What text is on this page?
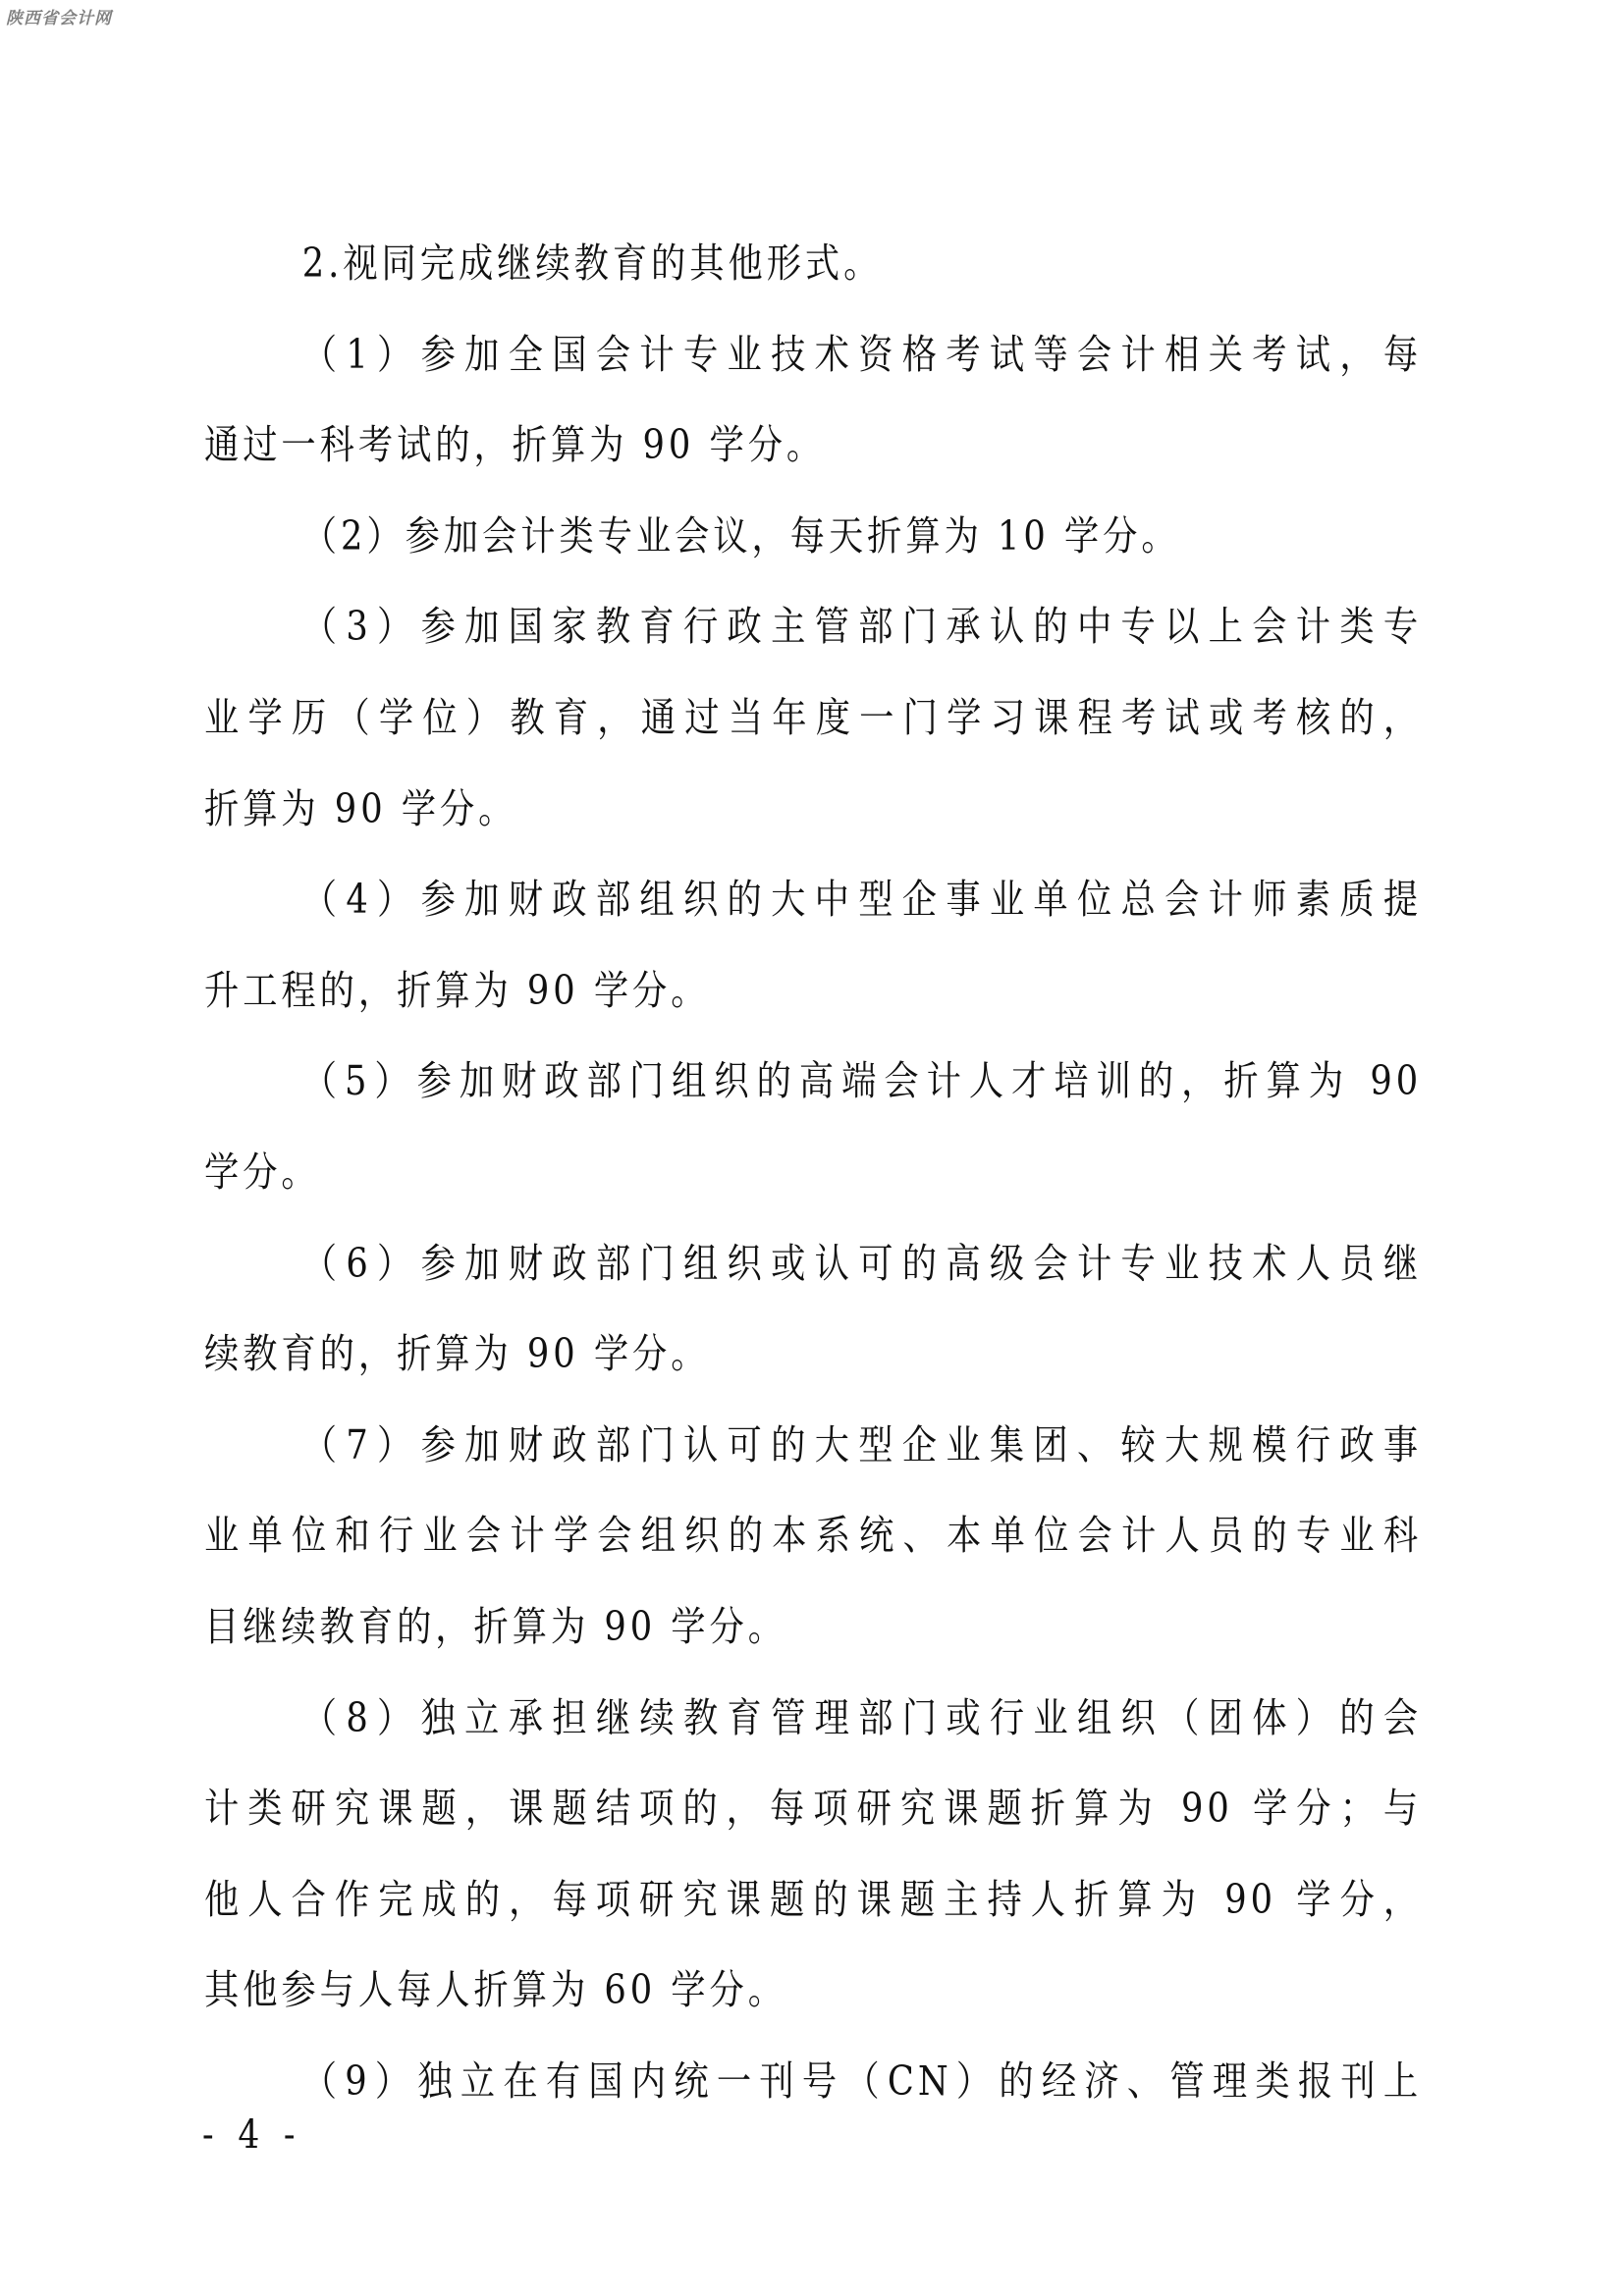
陕西省会计网
2.视同完成继续教育的其他形式。
（1）参加全国会计专业技术资格考试等会计相关考试，每
通过一科考试的，折算为 90 学分。
（2）参加会计类专业会议，每天折算为 10 学分。
（3）参加国家教育行政主管部门承认的中专以上会计类专
业学历（学位）教育，通过当年度一门学习课程考试或考核的，
折算为 90 学分。
（4）参加财政部组织的大中型企事业单位总会计师素质提
升工程的，折算为 90 学分。
（5）参加财政部门组织的高端会计人才培训的，折算为 90
学分。
（6）参加财政部门组织或认可的高级会计专业技术人员继
续教育的，折算为 90 学分。
（7）参加财政部门认可的大型企业集团、较大规模行政事
业单位和行业会计学会组织的本系统、本单位会计人员的专业科
目继续教育的，折算为 90 学分。
（8）独立承担继续教育管理部门或行业组织（团体）的会
计类研究课题，课题结项的，每项研究课题折算为 90 学分；与
他人合作完成的，每项研究课题的课题主持人折算为 90 学分，
其他参与人每人折算为 60 学分。
（9）独立在有国内统一刊号（CN）的经济、管理类报刊上
- 4 -
